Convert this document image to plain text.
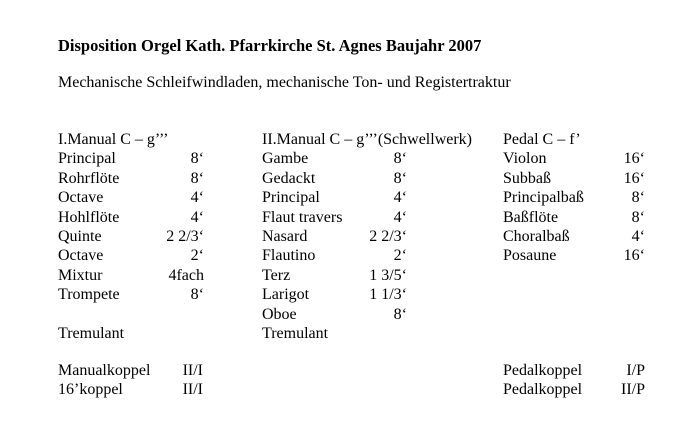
Disposition Orgel Kath. Pfarrkirche St. Agnes Baujahr 2007
Mechanische Schleifwindladen, mechanische Ton- und Registertraktur
I.Manual C – g’’’
Principal	8‘
Rohrflöte	8‘
Octave	4‘
Hohlflöte	4‘
Quinte	2 2/3‘
Octave	2‘
Mixtur	4fach
Trompete	8‘
Tremulant
II.Manual C – g’’’(Schwellwerk)
Gambe	8‘
Gedackt	8‘
Principal	4‘
Flaut travers	4‘
Nasard	2 2/3‘
Flautino	2‘
Terz	1 3/5‘
Larigot	1 1/3‘
Oboe	8‘
Tremulant
Pedal C – f’
Violon	16‘
Subbaß	16‘
Principalbaß	8‘
Baßflöte	8‘
Choralbaß	4‘
Posaune	16‘
Manualkoppel II/I
16’koppel	II/I
Pedalkoppel	I/P
Pedalkoppel II/P
